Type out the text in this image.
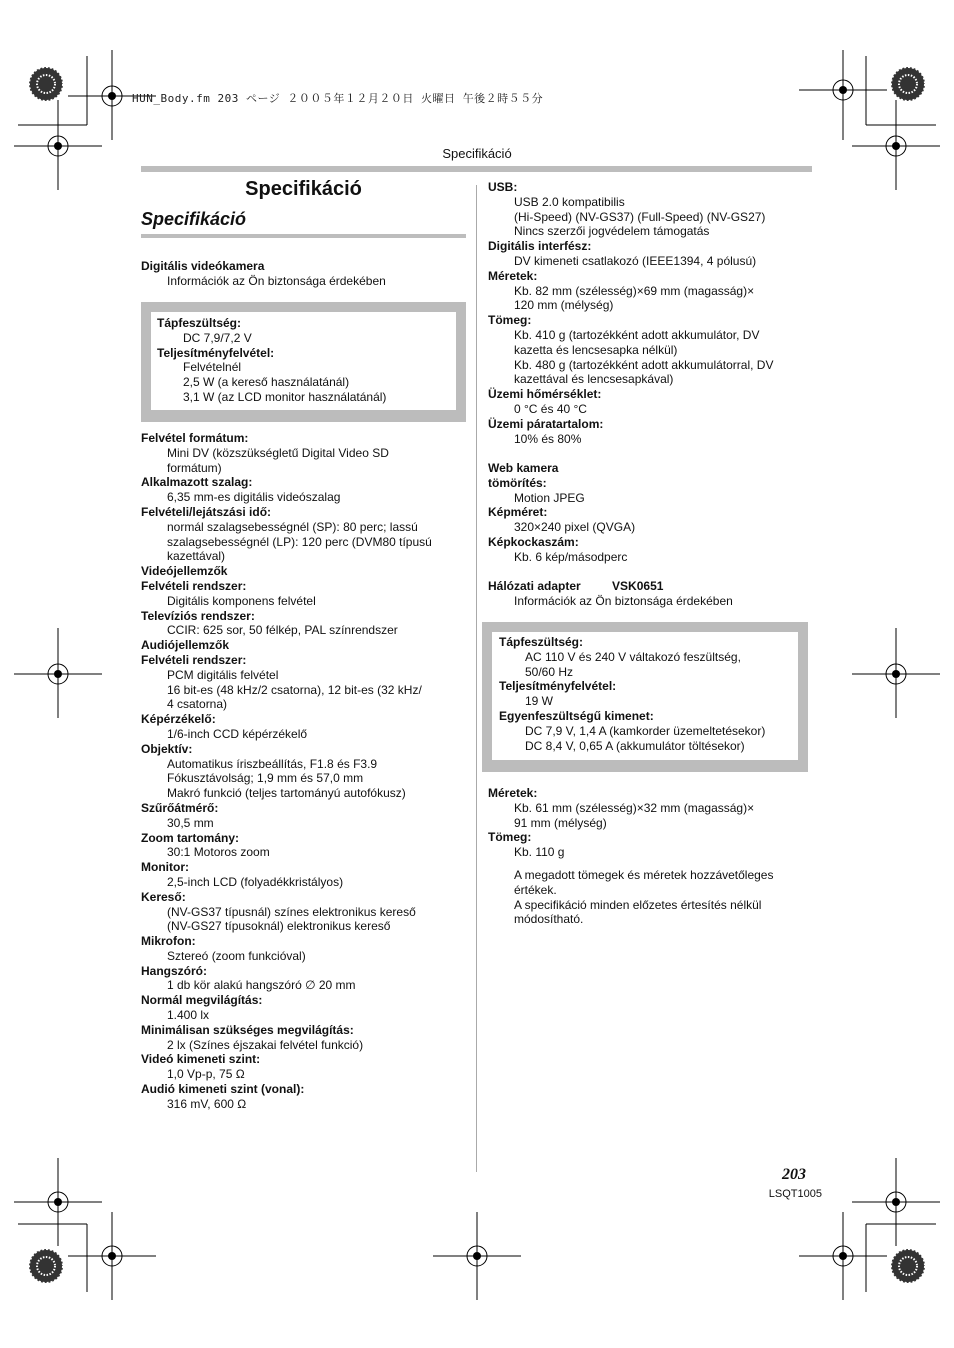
HUN_Body.fm 203 ページ ２００５年１２月２０日 火曜日 午後２時５５分
Specifikáció
Specifikáció
Specifikáció
Digitális videókamera
Információk az Ön biztonsága érdekében
Tápfeszültség:
DC 7,9/7,2 V
Teljesítményfelvétel:
Felvételnél
2,5 W (a kereső használatánál)
3,1 W (az LCD monitor használatánál)
Felvétel formátum:
Mini DV (közszükségletű Digital Video SD
formátum)
Alkalmazott szalag:
6,35 mm-es digitális videószalag
Felvételi/lejátszási idő:
normál szalagsebességnél (SP): 80 perc; lassú
szalagsebességnél (LP): 120 perc (DVM80 típusú
kazettával)
Videójellemzők
Felvételi rendszer:
Digitális komponens felvétel
Televíziós rendszer:
CCIR: 625 sor, 50 félkép, PAL színrendszer
Audiójellemzők
Felvételi rendszer:
PCM digitális felvétel
16 bit-es (48 kHz/2 csatorna), 12 bit-es (32 kHz/
4 csatorna)
Képérzékelő:
1/6-inch CCD képérzékelő
Objektív:
Automatikus íriszbeállítás, F1.8 és F3.9
Fókusztávolság; 1,9 mm és 57,0 mm
Makró funkció (teljes tartományú autofókusz)
Szűrőátmérő:
30,5 mm
Zoom tartomány:
30:1 Motoros zoom
Monitor:
2,5-inch LCD (folyadékkristályos)
Kereső:
(NV-GS37 típusnál) színes elektronikus kereső
(NV-GS27 típusoknál) elektronikus kereső
Mikrofon:
Sztereó (zoom funkcióval)
Hangszóró:
1 db kör alakú hangszóró ∅ 20 mm
Normál megvilágítás:
1.400 lx
Minimálisan szükséges megvilágítás:
2 lx (Színes éjszakai felvétel funkció)
Videó kimeneti szint:
1,0 Vp-p, 75 Ω
Audió kimeneti szint (vonal):
316 mV, 600 Ω
USB:
USB 2.0 kompatibilis
(Hi-Speed) (NV-GS37) (Full-Speed) (NV-GS27)
Nincs szerzői jogvédelem támogatás
Digitális interfész:
DV kimeneti csatlakozó (IEEE1394, 4 pólusú)
Méretek:
Kb. 82 mm (szélesség)×69 mm (magasság)×
120 mm (mélység)
Tömeg:
Kb. 410 g (tartozékként adott akkumulátor, DV
kazetta és lencsesapka nélkül)
Kb. 480 g (tartozékként adott akkumulátorral, DV
kazettával és lencsesapkával)
Üzemi hőmérséklet:
0 °C és 40 °C
Üzemi páratartalom:
10% és 80%
Web kamera
tömörítés:
Motion JPEG
Képméret:
320×240 pixel (QVGA)
Képkockaszám:
Kb. 6 kép/másodperc
Hálózati adapter	VSK0651
Információk az Ön biztonsága érdekében
Tápfeszültség:
AC 110 V és 240 V váltakozó feszültség,
50/60 Hz
Teljesítményfelvétel:
19 W
Egyenfeszültségű kimenet:
DC 7,9 V, 1,4 A (kamkorder üzemeltetésekor)
DC 8,4 V, 0,65 A (akkumulátor töltésekor)
Méretek:
Kb. 61 mm (szélesség)×32 mm (magasság)×
91 mm (mélység)
Tömeg:
Kb. 110 g
A megadott tömegek és méretek hozzávetőleges
értékek.
A specifikáció minden előzetes értesítés nélkül
módosítható.
203
LSQT1005
